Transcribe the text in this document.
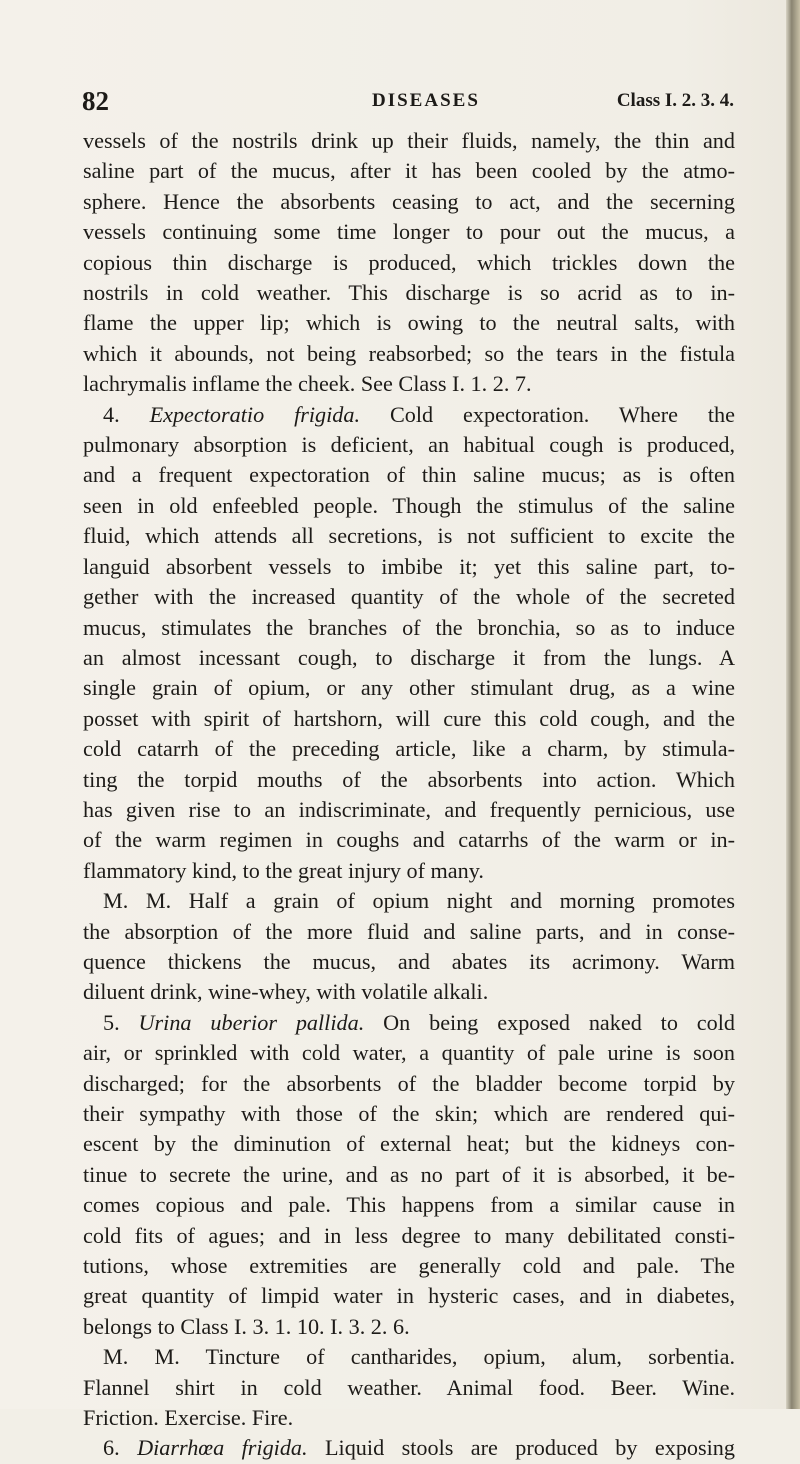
82	DISEASES	Class I. 2. 3. 4.

vessels of the nostrils drink up their fluids, namely, the thin and

saline part of the mucus, after it has been cooled by the atmo-

sphere. Hence the absorbents ceasing to act, and the secerning

vessels continuing some time longer to pour out the mucus, a

copious thin discharge is produced, which trickles down the

nostrils in cold weather. This discharge is so acrid as to in-

flame the upper lip; which is owing to the neutral salts, with

which it abounds, not being reabsorbed; so the tears in the fistula

lachrymalis inflame the cheek. See Class I. 1. 2. 7.

4. Expectoratio frigida. Cold expectoration. Where the

pulmonary absorption is deficient, an habitual cough is produced,

and a frequent expectoration of thin saline mucus; as is often

seen in old enfeebled people. Though the stimulus of the saline

fluid, which attends all secretions, is not sufficient to excite the

languid absorbent vessels to imbibe it; yet this saline part, to-

gether with the increased quantity of the whole of the secreted

mucus, stimulates the branches of the bronchia, so as to induce

an almost incessant cough, to discharge it from the lungs. A

single grain of opium, or any other stimulant drug, as a wine

posset with spirit of hartshorn, will cure this cold cough, and the

cold catarrh of the preceding article, like a charm, by stimula-

ting the torpid mouths of the absorbents into action. Which

has given rise to an indiscriminate, and frequently pernicious, use

of the warm regimen in coughs and catarrhs of the warm or in-

flammatory kind, to the great injury of many.

M. M. Half a grain of opium night and morning promotes

the absorption of the more fluid and saline parts, and in conse-

quence thickens the mucus, and abates its acrimony. Warm

diluent drink, wine-whey, with volatile alkali.

5. Urina uberior pallida. On being exposed naked to cold

air, or sprinkled with cold water, a quantity of pale urine is soon

discharged; for the absorbents of the bladder become torpid by

their sympathy with those of the skin; which are rendered qui-

escent by the diminution of external heat; but the kidneys con-

tinue to secrete the urine, and as no part of it is absorbed, it be-

comes copious and pale. This happens from a similar cause in

cold fits of agues; and in less degree to many debilitated consti-

tutions, whose extremities are generally cold and pale. The

great quantity of limpid water in hysteric cases, and in diabetes,

belongs to Class I. 3. 1. 10. I. 3. 2. 6.

M. M. Tincture of cantharides, opium, alum, sorbentia.

Flannel shirt in cold weather. Animal food. Beer. Wine.

Friction. Exercise. Fire.

6. Diarrhœa frigida. Liquid stools are produced by exposing
